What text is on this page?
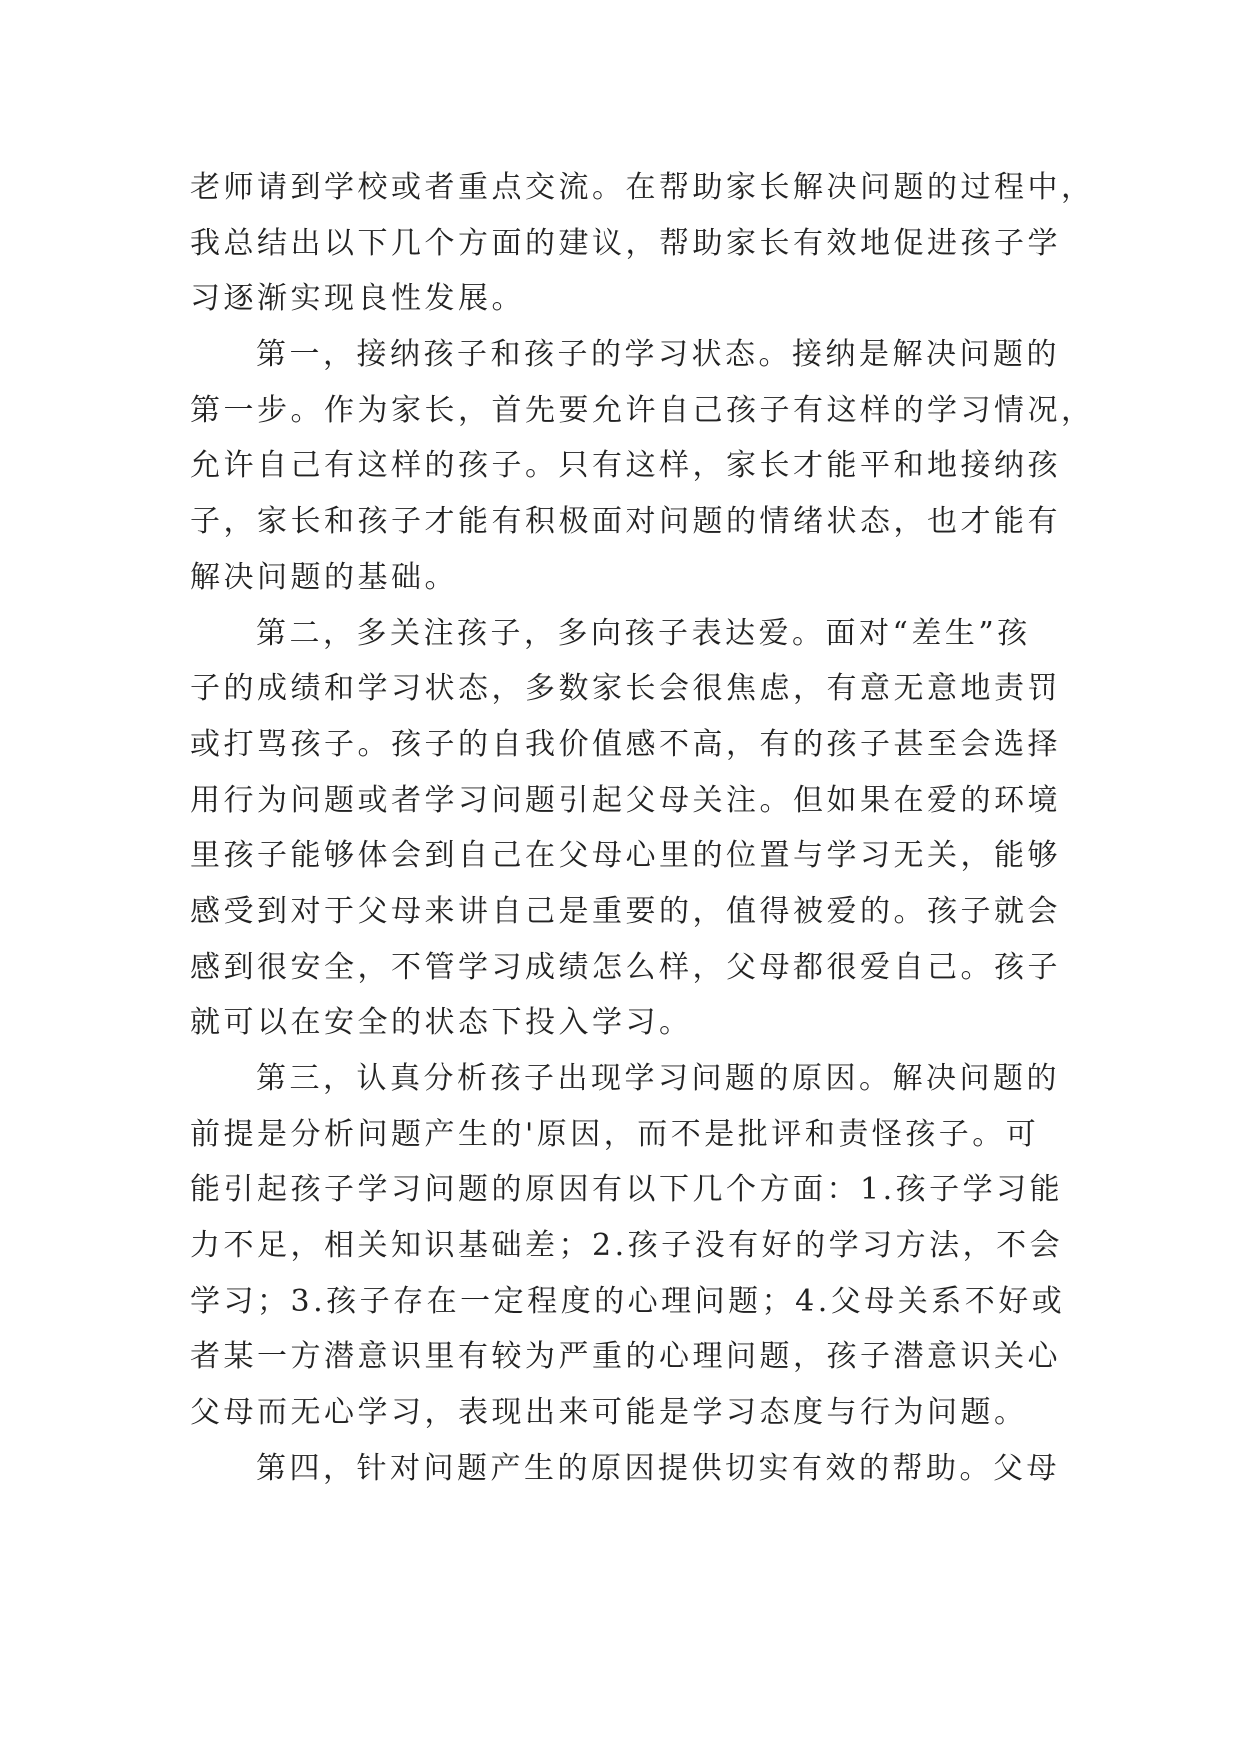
老师请到学校或者重点交流。在帮助家长解决问题的过程中，
我总结出以下几个方面的建议，帮助家长有效地促进孩子学
习逐渐实现良性发展。
第一，接纳孩子和孩子的学习状态。接纳是解决问题的
第一步。作为家长，首先要允许自己孩子有这样的学习情况，
允许自己有这样的孩子。只有这样，家长才能平和地接纳孩
子，家长和孩子才能有积极面对问题的情绪状态，也才能有
解决问题的基础。
第二，多关注孩子，多向孩子表达爱。面对“差生”孩
子的成绩和学习状态，多数家长会很焦虑，有意无意地责罚
或打骂孩子。孩子的自我价值感不高，有的孩子甚至会选择
用行为问题或者学习问题引起父母关注。但如果在爱的环境
里孩子能够体会到自己在父母心里的位置与学习无关，能够
感受到对于父母来讲自己是重要的，值得被爱的。孩子就会
感到很安全，不管学习成绩怎么样，父母都很爱自己。孩子
就可以在安全的状态下投入学习。
第三，认真分析孩子出现学习问题的原因。解决问题的
前提是分析问题产生的'原因，而不是批评和责怪孩子。可
能引起孩子学习问题的原因有以下几个方面：1.孩子学习能
力不足，相关知识基础差；2.孩子没有好的学习方法，不会
学习；3.孩子存在一定程度的心理问题；4.父母关系不好或
者某一方潜意识里有较为严重的心理问题，孩子潜意识关心
父母而无心学习，表现出来可能是学习态度与行为问题。
第四，针对问题产生的原因提供切实有效的帮助。父母
